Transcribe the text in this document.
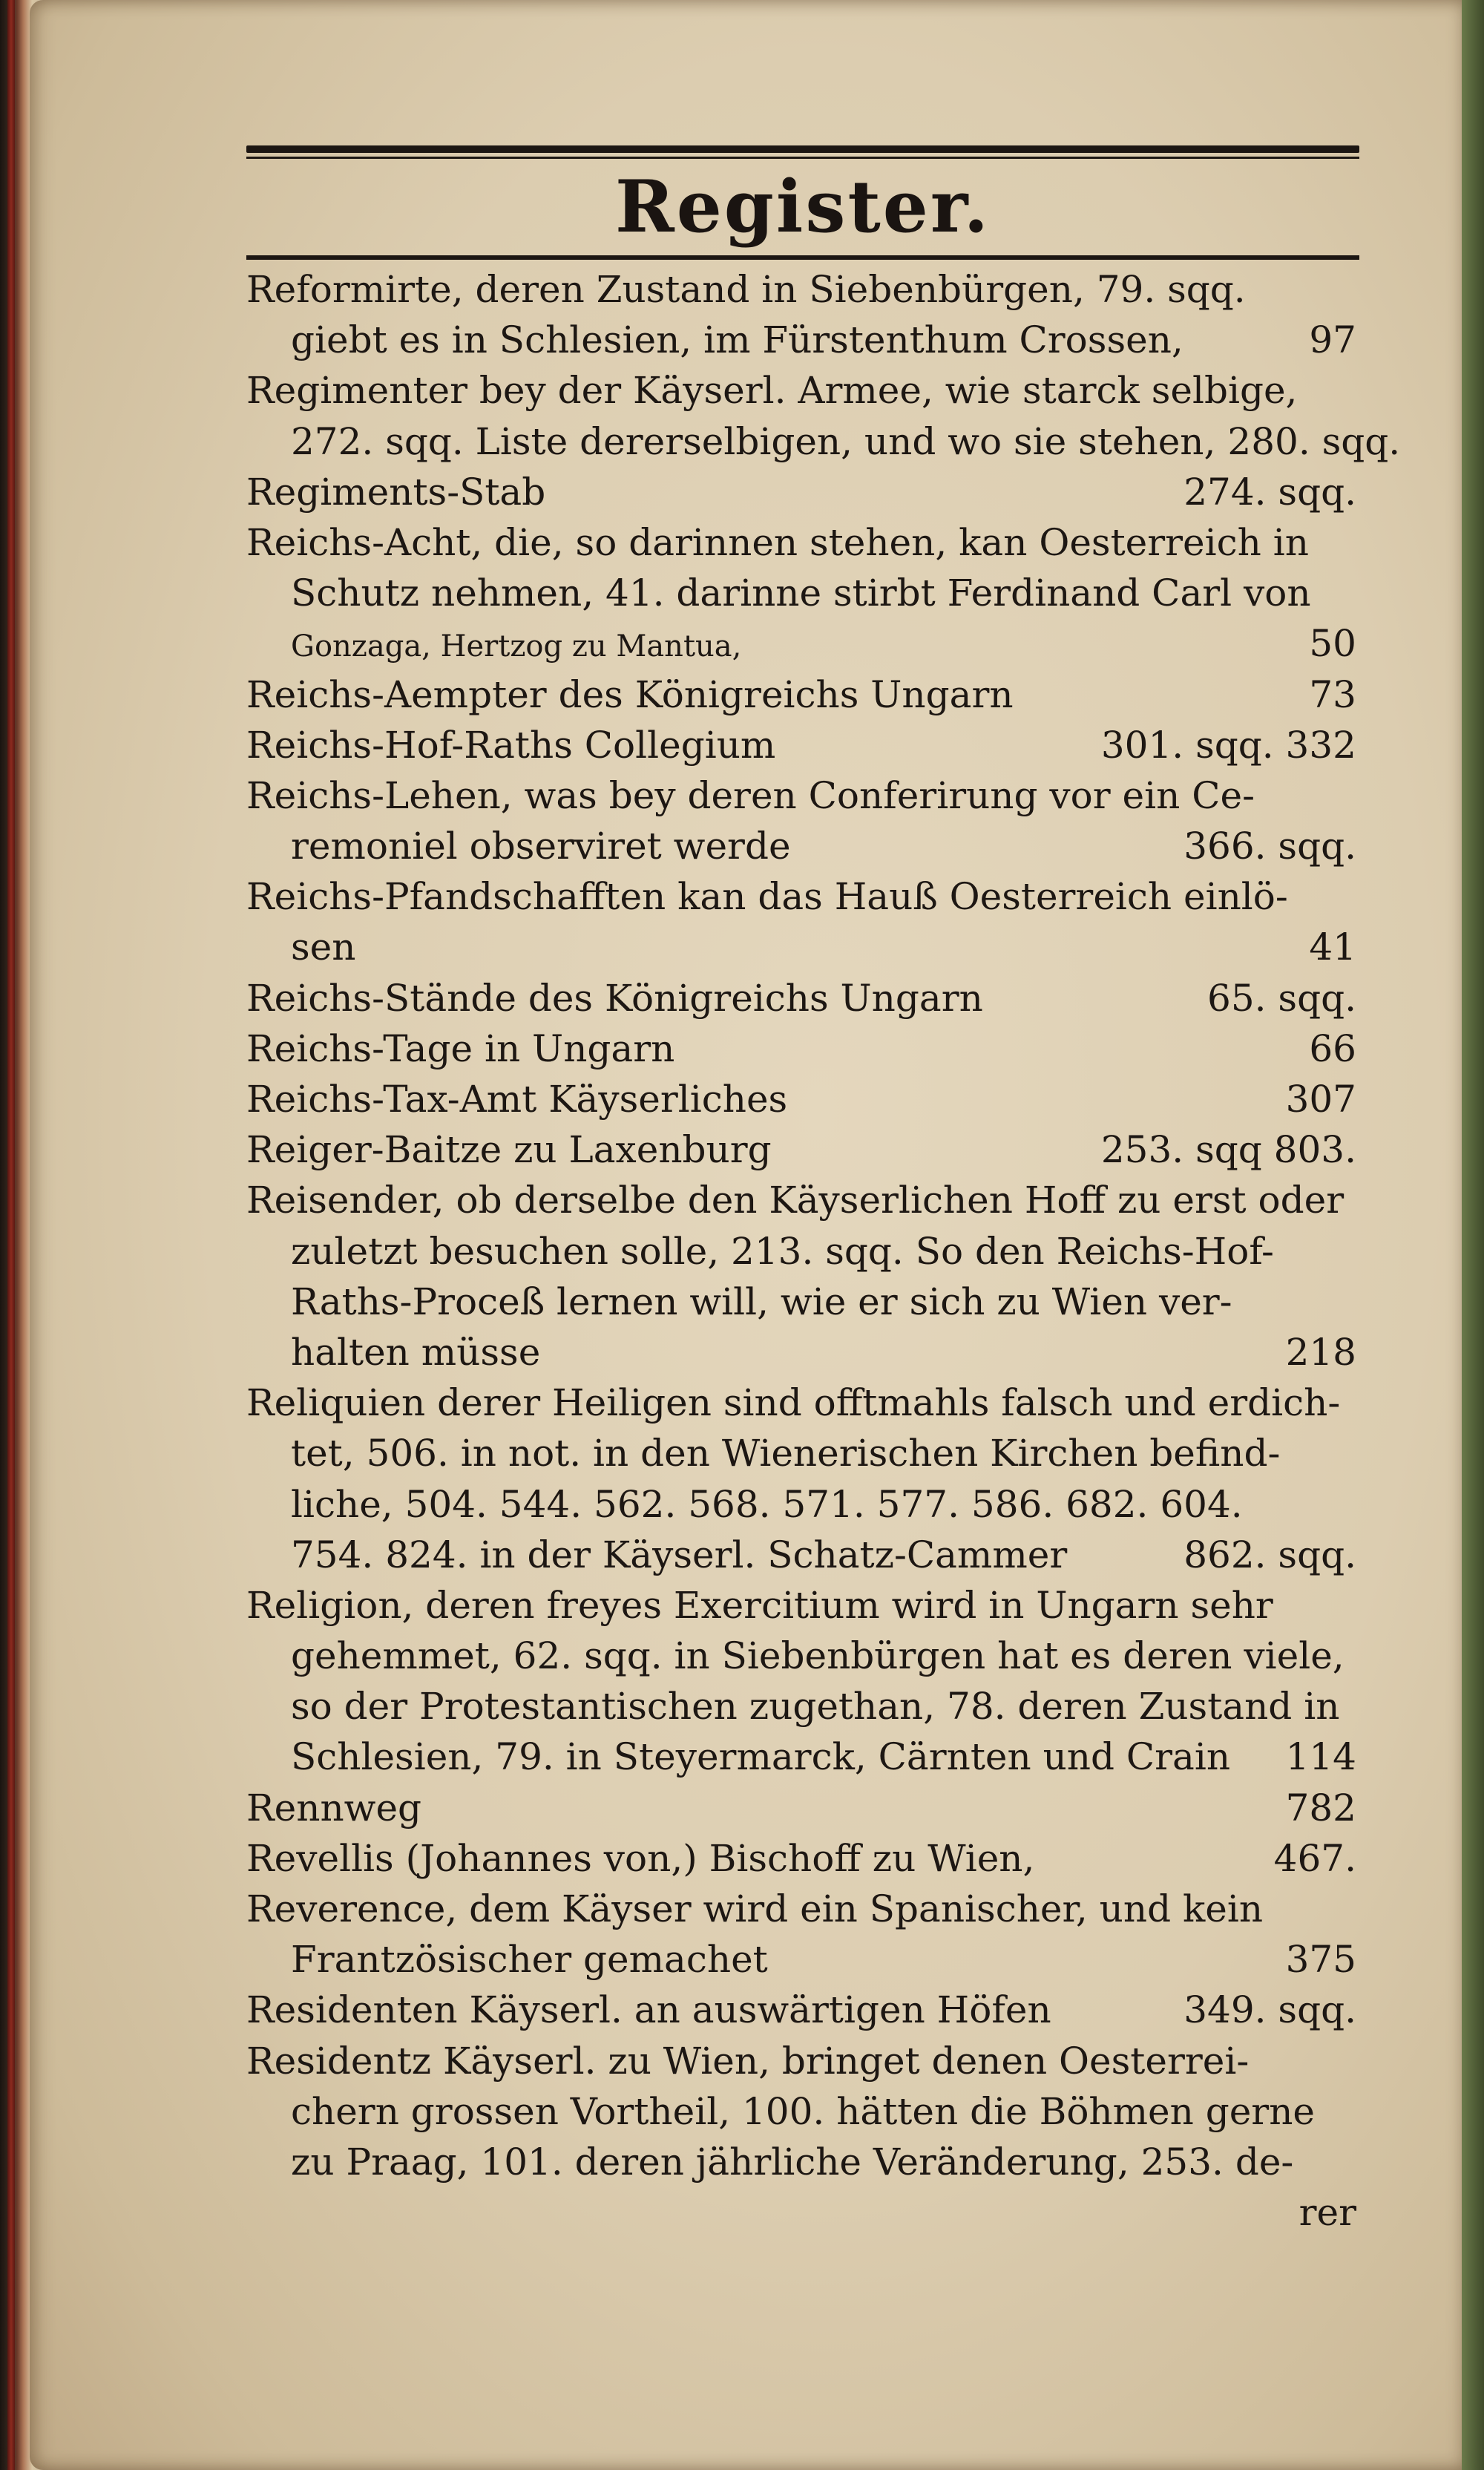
Register.
Reformirte, deren Zustand in Siebenbürgen, 79. sqq.
giebt es in Schlesien, im Fürstenthum Crossen,	97
Regimenter bey der Käyserl. Armee, wie starck selbige,
272. sqq. Liste dererselbigen, und wo sie stehen, 280. sqq.
Regiments-Stab	274. sqq.
Reichs-Acht, die, so darinnen stehen, kan Oesterreich in
Schutz nehmen, 41. darinne stirbt Ferdinand Carl von
Gonzaga, Hertzog zu Mantua,	50
Reichs-Aempter des Königreichs Ungarn	73
Reichs-Hof-Raths Collegium	301. sqq. 332
Reichs-Lehen, was bey deren Conferirung vor ein Ce-
remoniel observiret werde	366. sqq.
Reichs-Pfandschafften kan das Hauß Oesterreich einlö-
sen	41
Reichs-Stände des Königreichs Ungarn	65. sqq.
Reichs-Tage in Ungarn	66
Reichs-Tax-Amt Käyserliches	307
Reiger-Baitze zu Laxenburg	253. sqq 803.
Reisender, ob derselbe den Käyserlichen Hoff zu erst oder
zuletzt besuchen solle, 213. sqq. So den Reichs-Hof-
Raths-Proceß lernen will, wie er sich zu Wien ver-
halten müsse	218
Reliquien derer Heiligen sind offtmahls falsch und erdich-
tet, 506. in not. in den Wienerischen Kirchen befind-
liche, 504. 544. 562. 568. 571. 577. 586. 682. 604.
754. 824. in der Käyserl. Schatz-Cammer	862. sqq.
Religion, deren freyes Exercitium wird in Ungarn sehr
gehemmet, 62. sqq. in Siebenbürgen hat es deren viele,
so der Protestantischen zugethan, 78. deren Zustand in
Schlesien, 79. in Steyermarck, Cärnten und Crain	114
Rennweg	782
Revellis (Johannes von,) Bischoff zu Wien,	467.
Reverence, dem Käyser wird ein Spanischer, und kein
Frantzösischer gemachet	375
Residenten Käyserl. an auswärtigen Höfen	349. sqq.
Residentz Käyserl. zu Wien, bringet denen Oesterrei-
chern grossen Vortheil, 100. hätten die Böhmen gerne
zu Praag, 101. deren jährliche Veränderung, 253. de-
rer
